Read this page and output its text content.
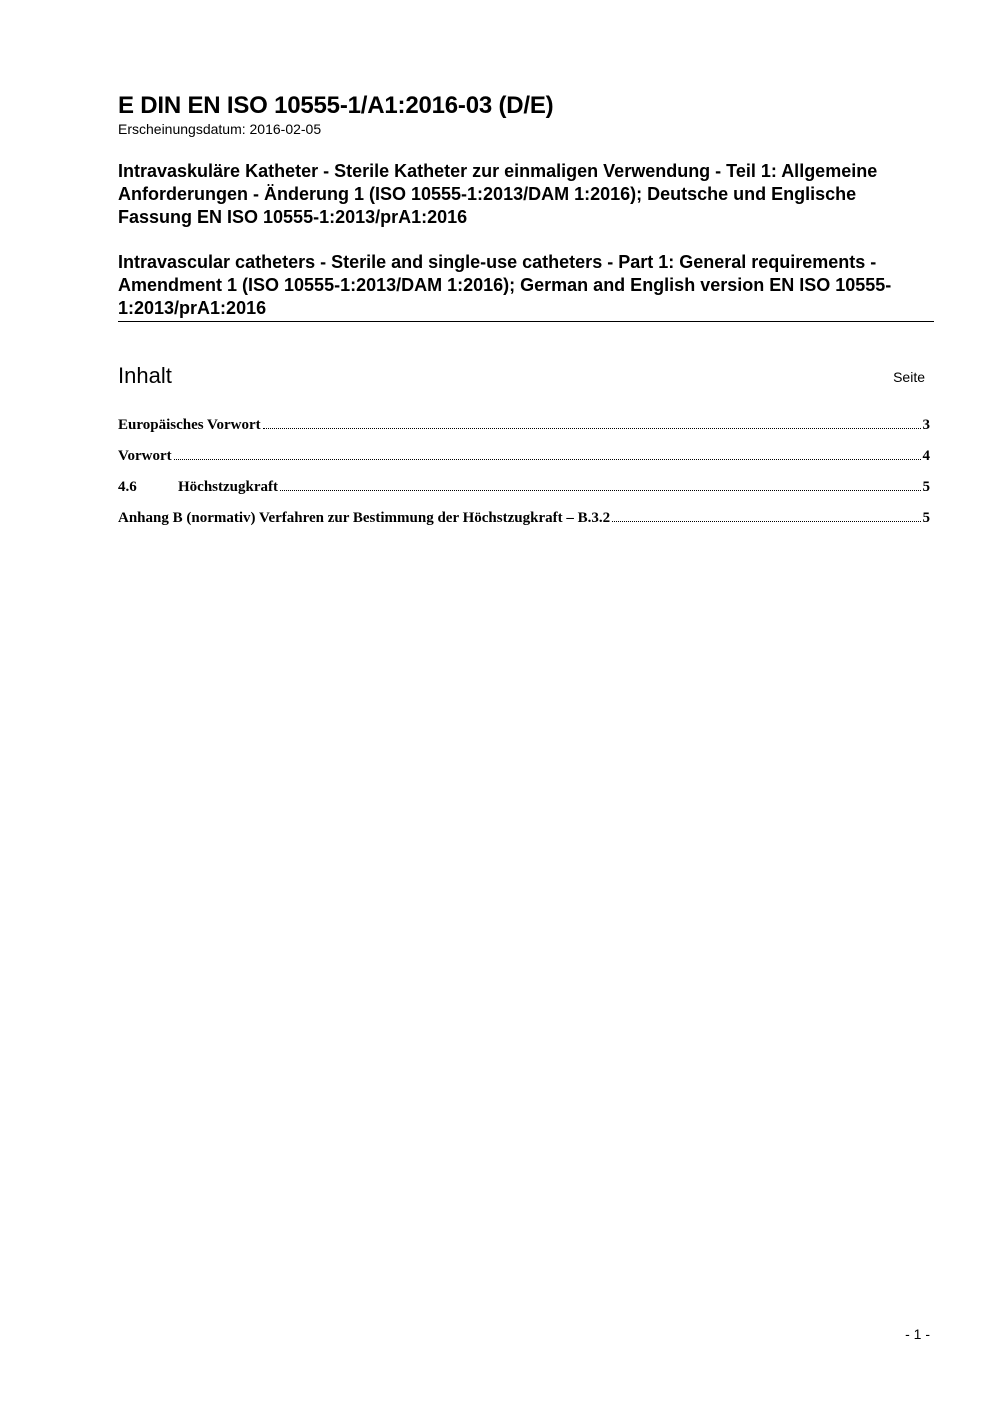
E DIN EN ISO 10555-1/A1:2016-03 (D/E)

Erscheinungsdatum: 2016-02-05

Intravaskuläre Katheter - Sterile Katheter zur einmaligen Verwendung - Teil 1: Allgemeine Anforderungen - Änderung 1 (ISO 10555-1:2013/DAM 1:2016); Deutsche und Englische Fassung EN ISO 10555-1:2013/prA1:2016

Intravascular catheters - Sterile and single-use catheters - Part 1: General requirements - Amendment 1 (ISO 10555-1:2013/DAM 1:2016); German and English version EN ISO 10555-1:2013/prA1:2016

Inhalt	Seite
Europäisches Vorwort	3
Vorwort	4
4.6	Höchstzugkraft	5
Anhang B (normativ) Verfahren zur Bestimmung der Höchstzugkraft – B.3.2	5
- 1 -
